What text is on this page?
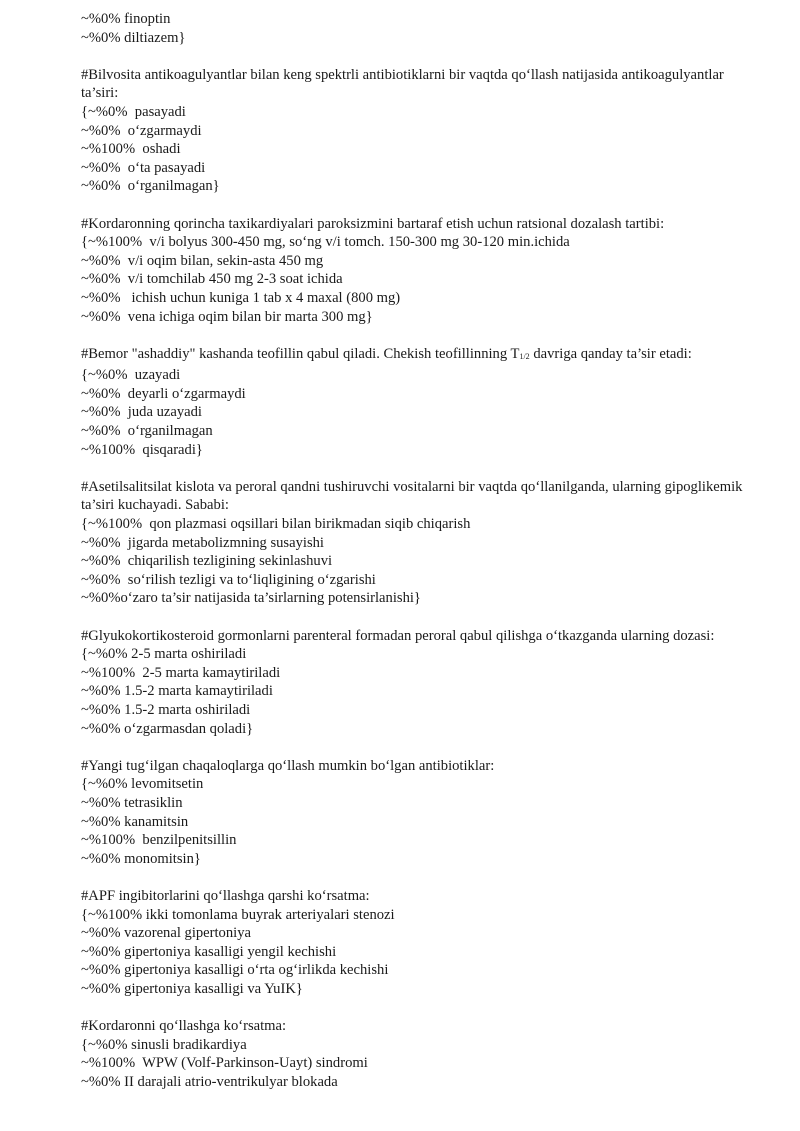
~%0% finoptin
~%0% diltiazem}
#Bilvosita antikoagulyantlar bilan keng spektrli antibiotiklarni bir vaqtda qo‘llash natijasida antikoagulyantlar ta’siri:
{~%0%  pasayadi
~%0%  o‘zgarmaydi
~%100%  oshadi
~%0%  o‘ta pasayadi
~%0%  o‘rganilmagan}
#Kordaronning qorincha taxikardiyalari paroksizmini bartaraf etish uchun ratsional dozalash tartibi:
{~%100%  v/i bolyus 300-450 mg, so‘ng v/i tomch. 150-300 mg 30-120 min.ichida
~%0%  v/i oqim bilan, sekin-asta 450 mg
~%0%  v/i tomchilab 450 mg 2-3 soat ichida
~%0%   ichish uchun kuniga 1 tab x 4 maxal (800 mg)
~%0%  vena ichiga oqim bilan bir marta 300 mg}
#Bemor "ashaddiy" kashanda teofillin qabul qiladi. Chekish teofillinning $T_{1/2}$ davriga qanday ta’sir etadi:
{~%0%  uzayadi
~%0%  deyarli o‘zgarmaydi
~%0%  juda uzayadi
~%0%  o‘rganilmagan
~%100%  qisqaradi}
#Asetilsalitsilat kislota va peroral qandni tushiruvchi vositalarni bir vaqtda qo‘llanilganda, ularning gipoglikemik ta’siri kuchayadi. Sababi:
{~%100%  qon plazmasi oqsillari bilan birikmadan siqib chiqarish
~%0%  jigarda metabolizmning susayishi
~%0%  chiqarilish tezligining sekinlashuvi
~%0%  so‘rilish tezligi va to‘liqligining o‘zgarishi
~%0%o‘zaro ta’sir natijasida ta’sirlarning potensirlanishi}
#Glyukokortikosteroid gormonlarni parenteral formadan peroral qabul qilishga o‘tkazganda ularning dozasi:
{~%0% 2-5 marta oshiriladi
~%100%  2-5 marta kamaytiriladi
~%0% 1.5-2 marta kamaytiriladi
~%0% 1.5-2 marta oshiriladi
~%0% o‘zgarmasdan qoladi}
#Yangi tug‘ilgan chaqaloqlarga qo‘llash mumkin bo‘lgan antibiotiklar:
{~%0% levomitsetin
~%0% tetrasiklin
~%0% kanamitsin
~%100%  benzilpenitsillin
~%0% monomitsin}
#APF ingibitorlarini qo‘llashga qarshi ko‘rsatma:
{~%100% ikki tomonlama buyrak arteriyalari stenozi
~%0% vazorenal gipertoniya
~%0% gipertoniya kasalligi yengil kechishi
~%0% gipertoniya kasalligi o‘rta og‘irlikda kechishi
~%0% gipertoniya kasalligi va YuIK}
#Kordaronni qo‘llashga ko‘rsatma:
{~%0% sinusli bradikardiya
~%100%  WPW (Volf-Parkinson-Uayt) sindromi
~%0% II darajali atrio-ventrikulyar blokada
